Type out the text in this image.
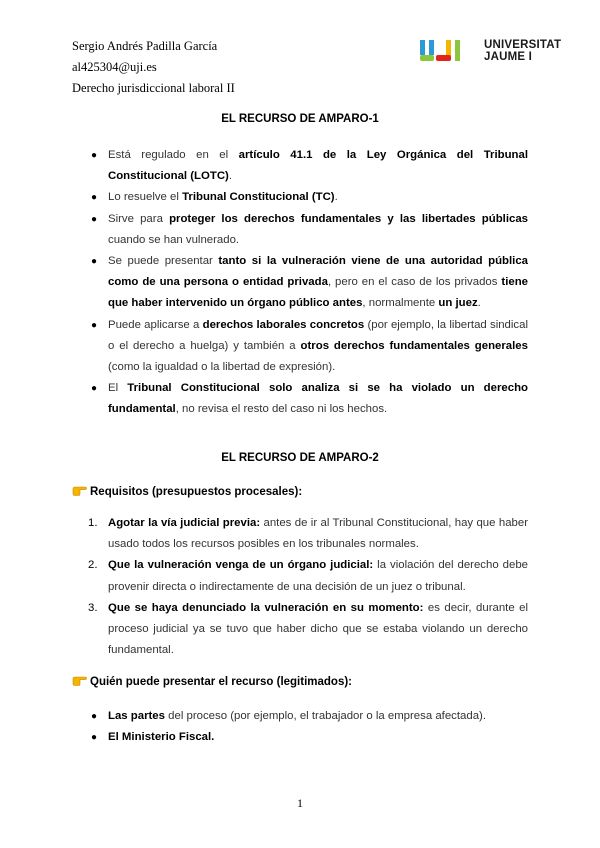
Sergio Andrés Padilla García
al425304@uji.es
Derecho jurisdiccional laboral II
UNIVERSITAT
JAUME I
EL RECURSO DE AMPARO-1
● Está regulado en el artículo 41.1 de la Ley Orgánica del Tribunal Constitucional (LOTC).
● Lo resuelve el Tribunal Constitucional (TC).
● Sirve para proteger los derechos fundamentales y las libertades públicas cuando se han vulnerado.
● Se puede presentar tanto si la vulneración viene de una autoridad pública como de una persona o entidad privada, pero en el caso de los privados tiene que haber intervenido un órgano público antes, normalmente un juez.
● Puede aplicarse a derechos laborales concretos (por ejemplo, la libertad sindical o el derecho a huelga) y también a otros derechos fundamentales generales (como la igualdad o la libertad de expresión).
● El Tribunal Constitucional solo analiza si se ha violado un derecho fundamental, no revisa el resto del caso ni los hechos.
EL RECURSO DE AMPARO-2
Requisitos (presupuestos procesales):
1. Agotar la vía judicial previa: antes de ir al Tribunal Constitucional, hay que haber usado todos los recursos posibles en los tribunales normales.
2. Que la vulneración venga de un órgano judicial: la violación del derecho debe provenir directa o indirectamente de una decisión de un juez o tribunal.
3. Que se haya denunciado la vulneración en su momento: es decir, durante el proceso judicial ya se tuvo que haber dicho que se estaba violando un derecho fundamental.
Quién puede presentar el recurso (legitimados):
● Las partes del proceso (por ejemplo, el trabajador o la empresa afectada).
● El Ministerio Fiscal.
1
